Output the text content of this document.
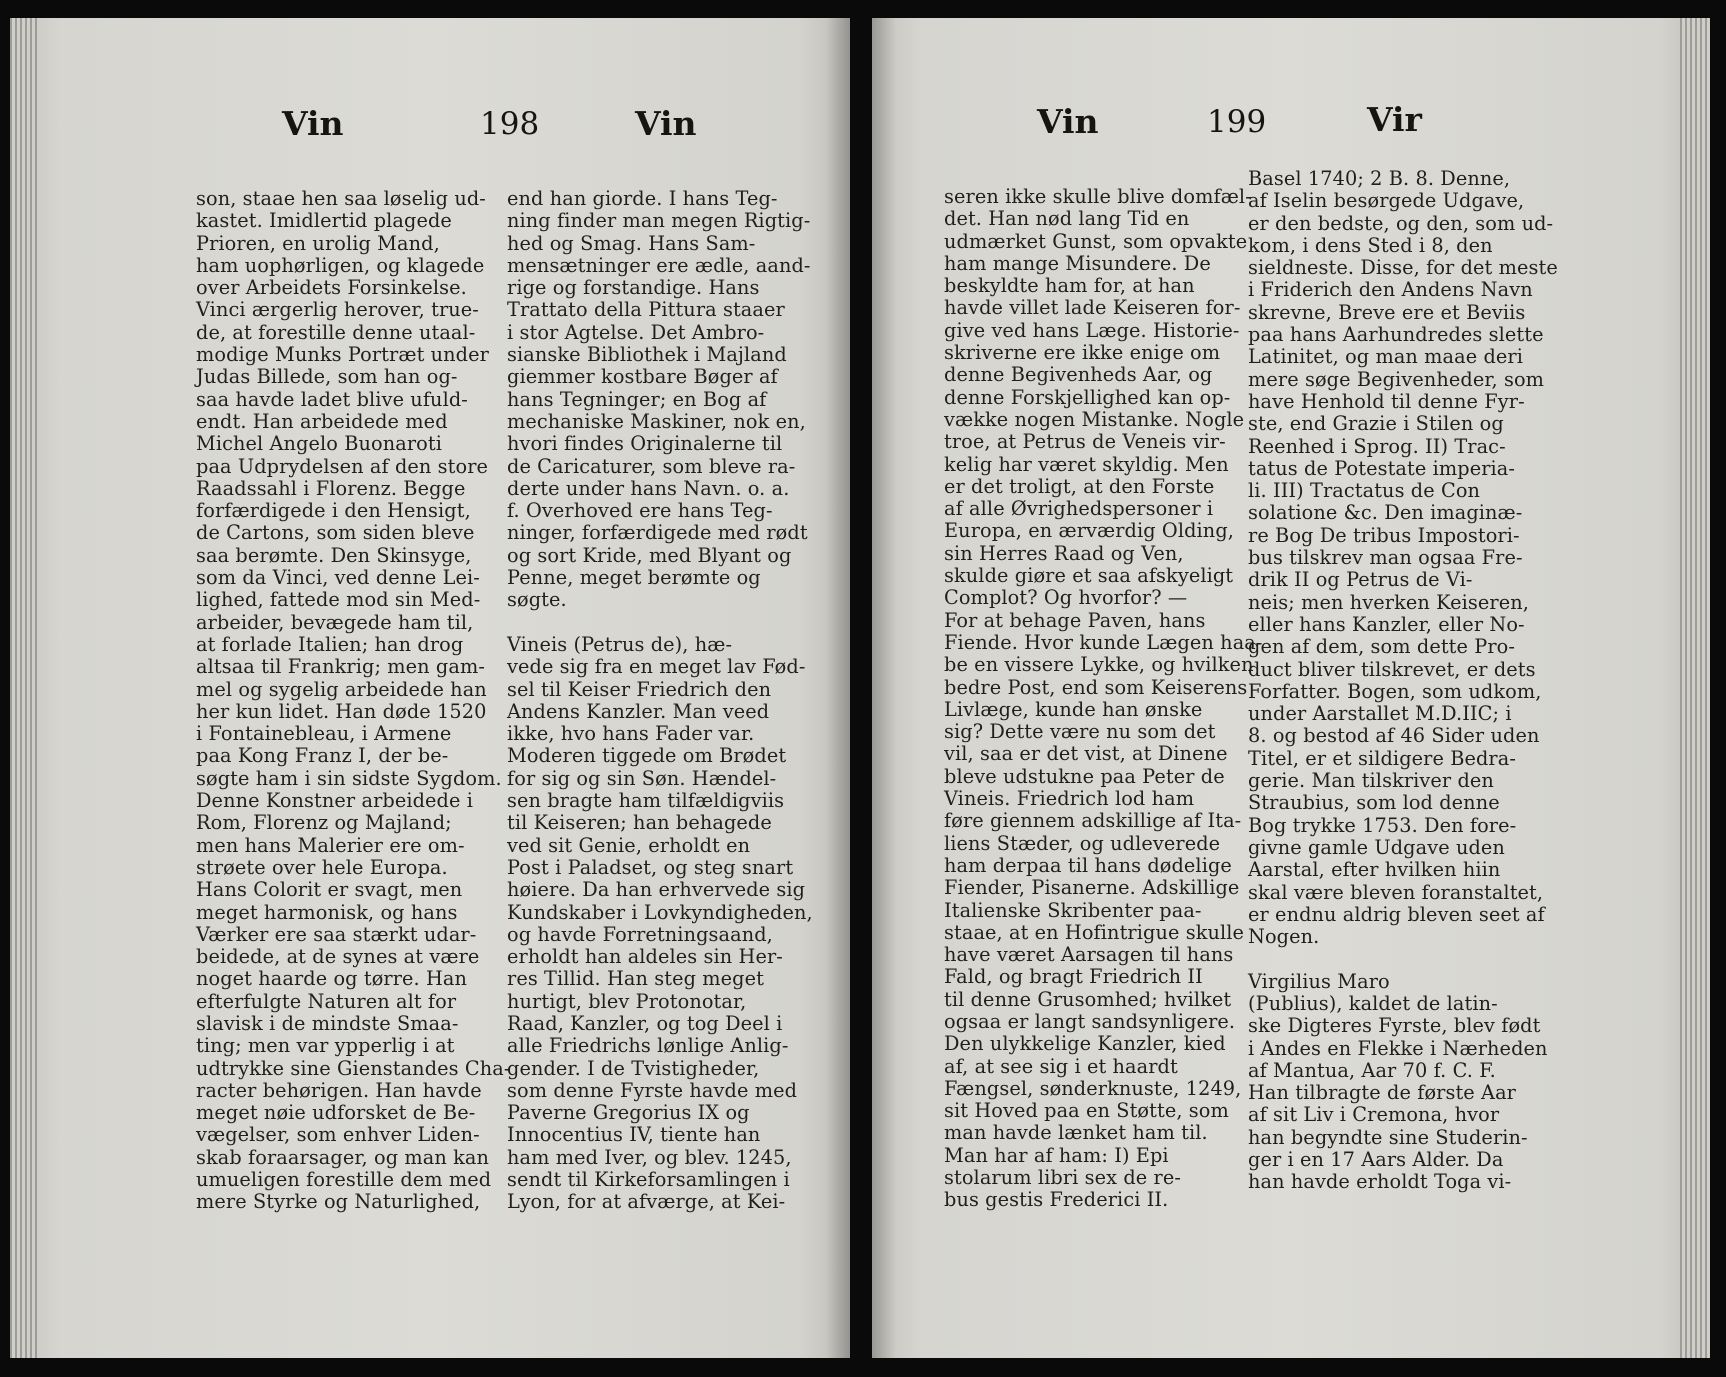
Vin	198	Vin
son, staae hen saa løselig ud-
kastet. Imidlertid plagede
Prioren, en urolig Mand,
ham uophørligen, og klagede
over Arbeidets Forsinkelse.
Vinci ærgerlig herover, true-
de, at forestille denne utaal-
modige Munks Portræt under
Judas Billede, som han og-
saa havde ladet blive ufuld-
endt. Han arbeidede med
Michel Angelo Buonaroti
paa Udprydelsen af den store
Raadssahl i Florenz. Begge
forfærdigede i den Hensigt,
de Cartons, som siden bleve
saa berømte. Den Skinsyge,
som da Vinci, ved denne Lei-
lighed, fattede mod sin Med-
arbeider, bevægede ham til,
at forlade Italien; han drog
altsaa til Frankrig; men gam-
mel og sygelig arbeidede han
her kun lidet. Han døde 1520
i Fontainebleau, i Armene
paa Kong Franz I, der be-
søgte ham i sin sidste Sygdom.
Denne Konstner arbeidede i
Rom, Florenz og Majland;
men hans Malerier ere om-
strøete over hele Europa.
Hans Colorit er svagt, men
meget harmonisk, og hans
Værker ere saa stærkt udar-
beidede, at de synes at være
noget haarde og tørre. Han
efterfulgte Naturen alt for
slavisk i de mindste Smaa-
ting; men var ypperlig i at
udtrykke sine Gienstandes Cha-
racter behørigen. Han havde
meget nøie udforsket de Be-
vægelser, som enhver Liden-
skab foraarsager, og man kan
umueligen forestille dem med
mere Styrke og Naturlighed,
end han giorde. I hans Teg-
ning finder man megen Rigtig-
hed og Smag. Hans Sam-
mensætninger ere ædle, aand-
rige og forstandige. Hans
Trattato della Pittura staaer
i stor Agtelse. Det Ambro-
sianske Bibliothek i Majland
giemmer kostbare Bøger af
hans Tegninger; en Bog af
mechaniske Maskiner, nok en,
hvori findes Originalerne til
de Caricaturer, som bleve ra-
derte under hans Navn. o. a.
f. Overhoved ere hans Teg-
ninger, forfærdigede med rødt
og sort Kride, med Blyant og
Penne, meget berømte og
søgte.
Vineis (Petrus de), hæ-
vede sig fra en meget lav Fød-
sel til Keiser Friedrich den
Andens Kanzler. Man veed
ikke, hvo hans Fader var.
Moderen tiggede om Brødet
for sig og sin Søn. Hændel-
sen bragte ham tilfældigviis
til Keiseren; han behagede
ved sit Genie, erholdt en
Post i Paladset, og steg snart
høiere. Da han erhvervede sig
Kundskaber i Lovkyndigheden,
og havde Forretningsaand,
erholdt han aldeles sin Her-
res Tillid. Han steg meget
hurtigt, blev Protonotar,
Raad, Kanzler, og tog Deel i
alle Friedrichs lønlige Anlig-
gender. I de Tvistigheder,
som denne Fyrste havde med
Paverne Gregorius IX og
Innocentius IV, tiente han
ham med Iver, og blev. 1245,
sendt til Kirkeforsamlingen i
Lyon, for at afværge, at Kei-
Vin	199	Vir
seren ikke skulle blive domfæl-
det. Han nød lang Tid en
udmærket Gunst, som opvakte
ham mange Misundere. De
beskyldte ham for, at han
havde villet lade Keiseren for-
give ved hans Læge. Historie-
skriverne ere ikke enige om
denne Begivenheds Aar, og
denne Forskjellighed kan op-
vække nogen Mistanke. Nogle
troe, at Petrus de Veneis vir-
kelig har været skyldig. Men
er det troligt, at den Forste
af alle Øvrighedspersoner i
Europa, en ærværdig Olding,
sin Herres Raad og Ven,
skulde giøre et saa afskyeligt
Complot? Og hvorfor? —
For at behage Paven, hans
Fiende. Hvor kunde Lægen haa-
be en vissere Lykke, og hvilken
bedre Post, end som Keiserens
Livlæge, kunde han ønske
sig? Dette være nu som det
vil, saa er det vist, at Dinene
bleve udstukne paa Peter de
Vineis. Friedrich lod ham
føre giennem adskillige af Ita-
liens Stæder, og udleverede
ham derpaa til hans dødelige
Fiender, Pisanerne. Adskillige
Italienske Skribenter paa-
staae, at en Hofintrigue skulle
have været Aarsagen til hans
Fald, og bragt Friedrich II
til denne Grusomhed; hvilket
ogsaa er langt sandsynligere.
Den ulykkelige Kanzler, kied
af, at see sig i et haardt
Fængsel, sønderknuste, 1249,
sit Hoved paa en Støtte, som
man havde lænket ham til.
Man har af ham: I) Epi
stolarum libri sex de re-
bus gestis Frederici II.
Basel 1740; 2 B. 8. Denne,
af Iselin besørgede Udgave,
er den bedste, og den, som ud-
kom, i dens Sted i 8, den
sieldneste. Disse, for det meste
i Friderich den Andens Navn
skrevne, Breve ere et Beviis
paa hans Aarhundredes slette
Latinitet, og man maae deri
mere søge Begivenheder, som
have Henhold til denne Fyr-
ste, end Grazie i Stilen og
Reenhed i Sprog. II) Trac-
tatus de Potestate imperia-
li. III) Tractatus de Con
solatione &c. Den imaginæ-
re Bog De tribus Impostori-
bus tilskrev man ogsaa Fre-
drik II og Petrus de Vi-
neis; men hverken Keiseren,
eller hans Kanzler, eller No-
gen af dem, som dette Pro-
duct bliver tilskrevet, er dets
Forfatter. Bogen, som udkom,
under Aarstallet M.D.IIC; i
8. og bestod af 46 Sider uden
Titel, er et sildigere Bedra-
gerie. Man tilskriver den
Straubius, som lod denne
Bog trykke 1753. Den fore-
givne gamle Udgave uden
Aarstal, efter hvilken hiin
skal være bleven foranstaltet,
er endnu aldrig bleven seet af
Nogen.
Virgilius Maro
(Publius), kaldet de latin-
ske Digteres Fyrste, blev født
i Andes en Flekke i Nærheden
af Mantua, Aar 70 f. C. F.
Han tilbragte de første Aar
af sit Liv i Cremona, hvor
han begyndte sine Studerin-
ger i en 17 Aars Alder. Da
han havde erholdt Toga vi-
